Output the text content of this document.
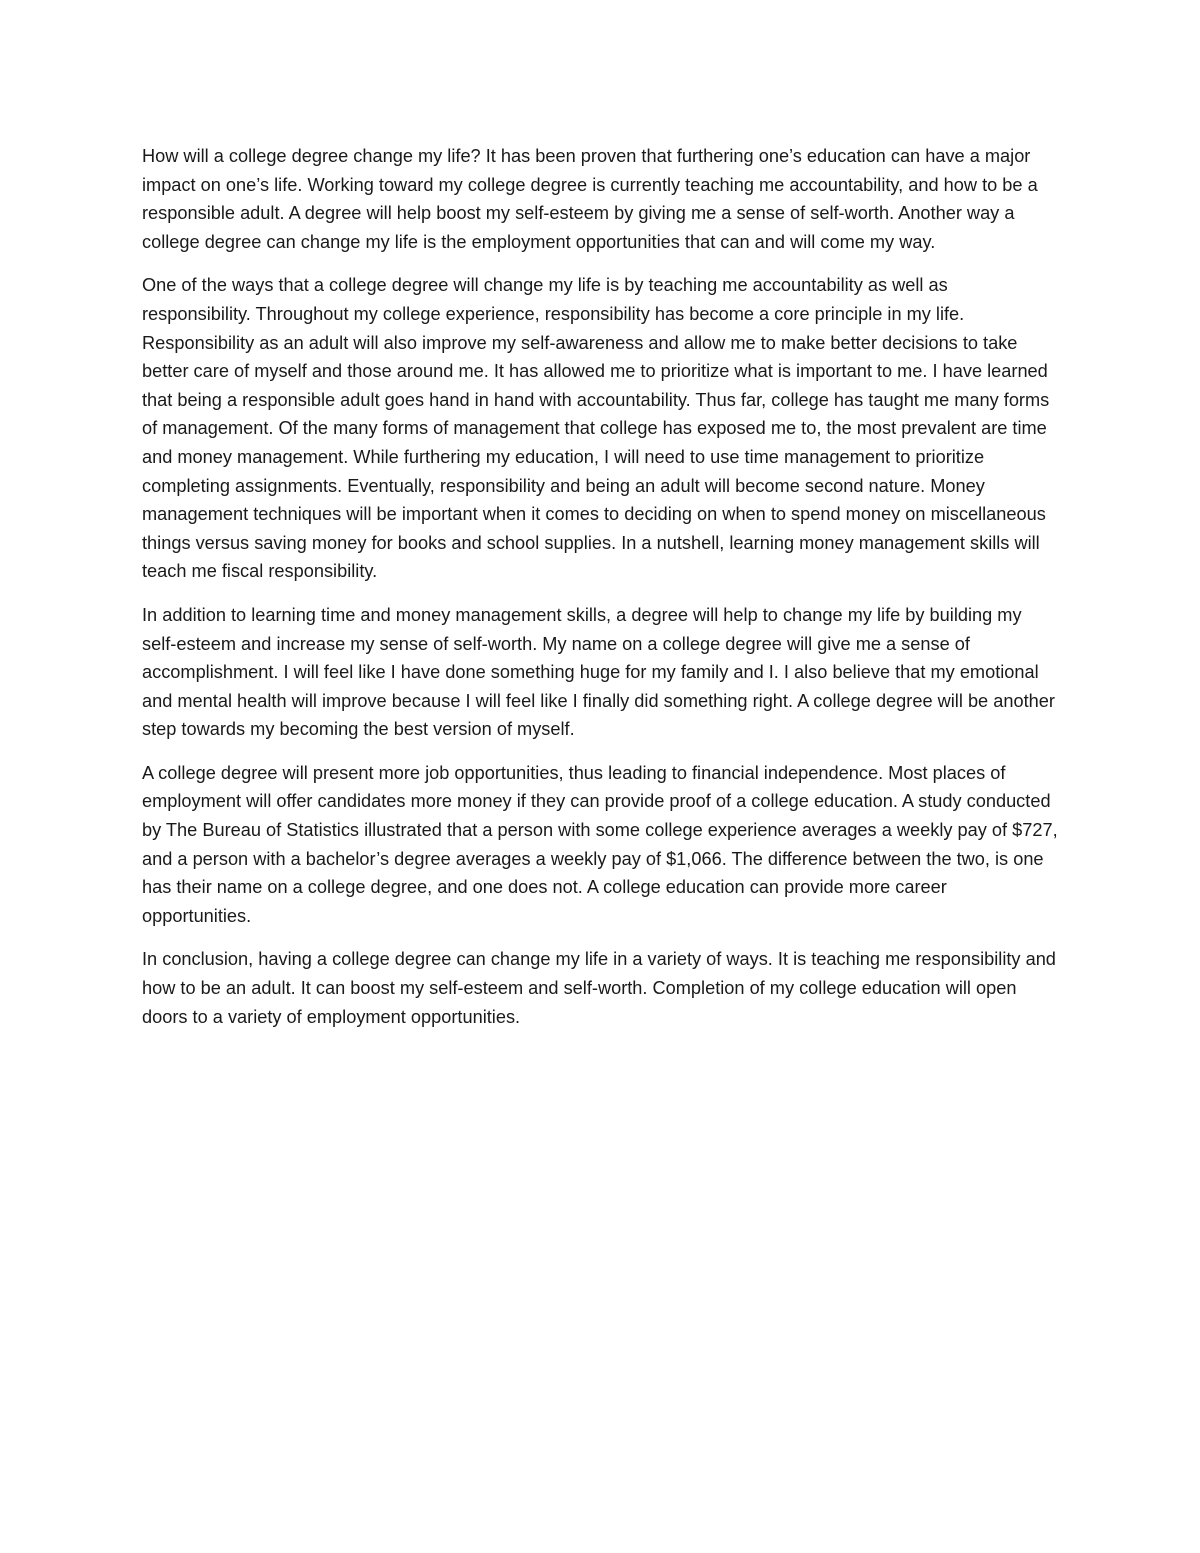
How will a college degree change my life? It has been proven that furthering one’s education can have a major impact on one’s life. Working toward my college degree is currently teaching me accountability, and how to be a responsible adult. A degree will help boost my self-esteem by giving me a sense of self-worth. Another way a college degree can change my life is the employment opportunities that can and will come my way.

One of the ways that a college degree will change my life is by teaching me accountability as well as responsibility. Throughout my college experience, responsibility has become a core principle in my life. Responsibility as an adult will also improve my self-awareness and allow me to make better decisions to take better care of myself and those around me. It has allowed me to prioritize what is important to me. I have learned that being a responsible adult goes hand in hand with accountability. Thus far, college has taught me many forms of management. Of the many forms of management that college has exposed me to, the most prevalent are time and money management. While furthering my education, I will need to use time management to prioritize completing assignments. Eventually, responsibility and being an adult will become second nature. Money management techniques will be important when it comes to deciding on when to spend money on miscellaneous things versus saving money for books and school supplies. In a nutshell, learning money management skills will teach me fiscal responsibility.

In addition to learning time and money management skills, a degree will help to change my life by building my self-esteem and increase my sense of self-worth. My name on a college degree will give me a sense of accomplishment. I will feel like I have done something huge for my family and I. I also believe that my emotional and mental health will improve because I will feel like I finally did something right. A college degree will be another step towards my becoming the best version of myself.

A college degree will present more job opportunities, thus leading to financial independence. Most places of employment will offer candidates more money if they can provide proof of a college education. A study conducted by The Bureau of Statistics illustrated that a person with some college experience averages a weekly pay of $727, and a person with a bachelor’s degree averages a weekly pay of $1,066. The difference between the two, is one has their name on a college degree, and one does not. A college education can provide more career opportunities.

In conclusion, having a college degree can change my life in a variety of ways. It is teaching me responsibility and how to be an adult. It can boost my self-esteem and self-worth. Completion of my college education will open doors to a variety of employment opportunities.
